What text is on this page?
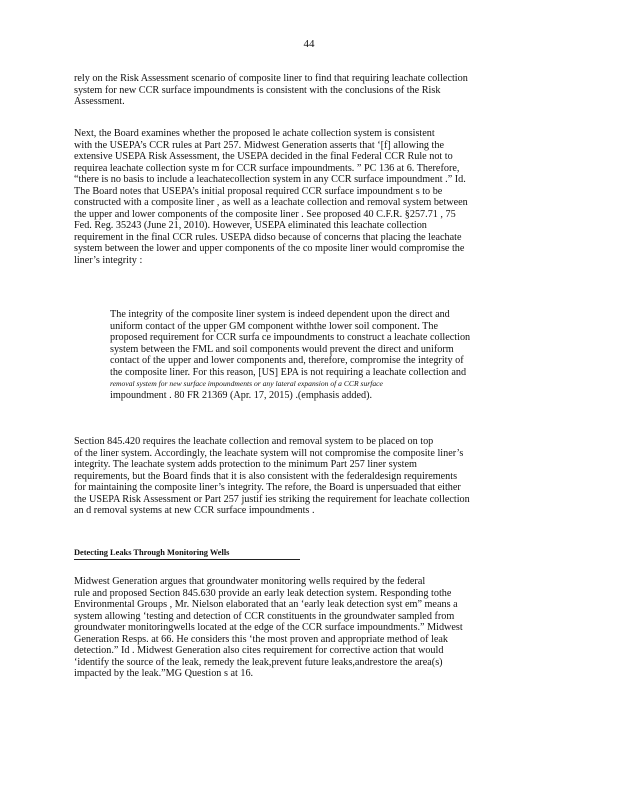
44

rely on the Risk Assessment scenario of composite liner to find that requiring leachate collection
system for new CCR surface impoundments is consistent with the conclusions of the Risk
Assessment.

Next, the Board examines whether the proposed le achate collection system is consistent
with the USEPA’s CCR rules at Part 257. Midwest Generation asserts that ‘[f] allowing the
extensive USEPA Risk Assessment, the USEPA decided in the final Federal CCR Rule not to
requirea leachate collection syste m for CCR surface impoundments. ” PC 136 at 6. Therefore,
“there is no basis to include a leachatecollection system in any CCR surface impoundment .” Id.
The Board notes that USEPA’s initial proposal required CCR surface impoundment s to be
constructed with a composite liner , as well as a leachate collection and removal system between
the upper and lower components of the composite liner . See proposed 40 C.F.R. §257.71 , 75
Fed. Reg. 35243 (June 21, 2010). However, USEPA eliminated this leachate collection
requirement in the final CCR rules. USEPA didso because of concerns that placing the leachate
system between the lower and upper components of the co mposite liner would compromise the
liner’s integrity :

The integrity of the composite liner system is indeed dependent upon the direct and
uniform contact of the upper GM component withthe lower soil component. The
proposed requirement for CCR surfa ce impoundments to construct a leachate collection
system between the FML and soil components would prevent the direct and uniform
contact of the upper and lower components and, therefore, compromise the integrity of
the composite liner. For this reason, [US] EPA is not requiring a leachate collection and
removal system for new surface impoundments or any lateral expansion of a CCR surface
impoundment . 80 FR 21369 (Apr. 17, 2015) .(emphasis added).

Section 845.420 requires the leachate collection and removal system to be placed on top
of the liner system. Accordingly, the leachate system will not compromise the composite liner’s
integrity. The leachate system adds protection to the minimum Part 257 liner system
requirements, but the Board finds that it is also consistent with the federaldesign requirements
for maintaining the composite liner’s integrity. The refore, the Board is unpersuaded that either
the USEPA Risk Assessment or Part 257 justif ies striking the requirement for leachate collection
an d removal systems at new CCR surface impoundments .

Detecting Leaks Through Monitoring Wells

Midwest Generation argues that groundwater monitoring wells required by the federal
rule and proposed Section 845.630 provide an early leak detection system. Responding tothe
Environmental Groups , Mr. Nielson elaborated that an ‘early leak detection syst em” means a
system allowing ‘testing and detection of CCR constituents in the groundwater sampled from
groundwater monitoringwells located at the edge of the CCR surface impoundments.” Midwest
Generation Resps. at 66. He considers this ‘the most proven and appropriate method of leak
detection.” Id . Midwest Generation also cites requirement for corrective action that would
‘identify the source of the leak, remedy the leak,prevent future leaks,andrestore the area(s)
impacted by the leak.”MG Question s at 16.
